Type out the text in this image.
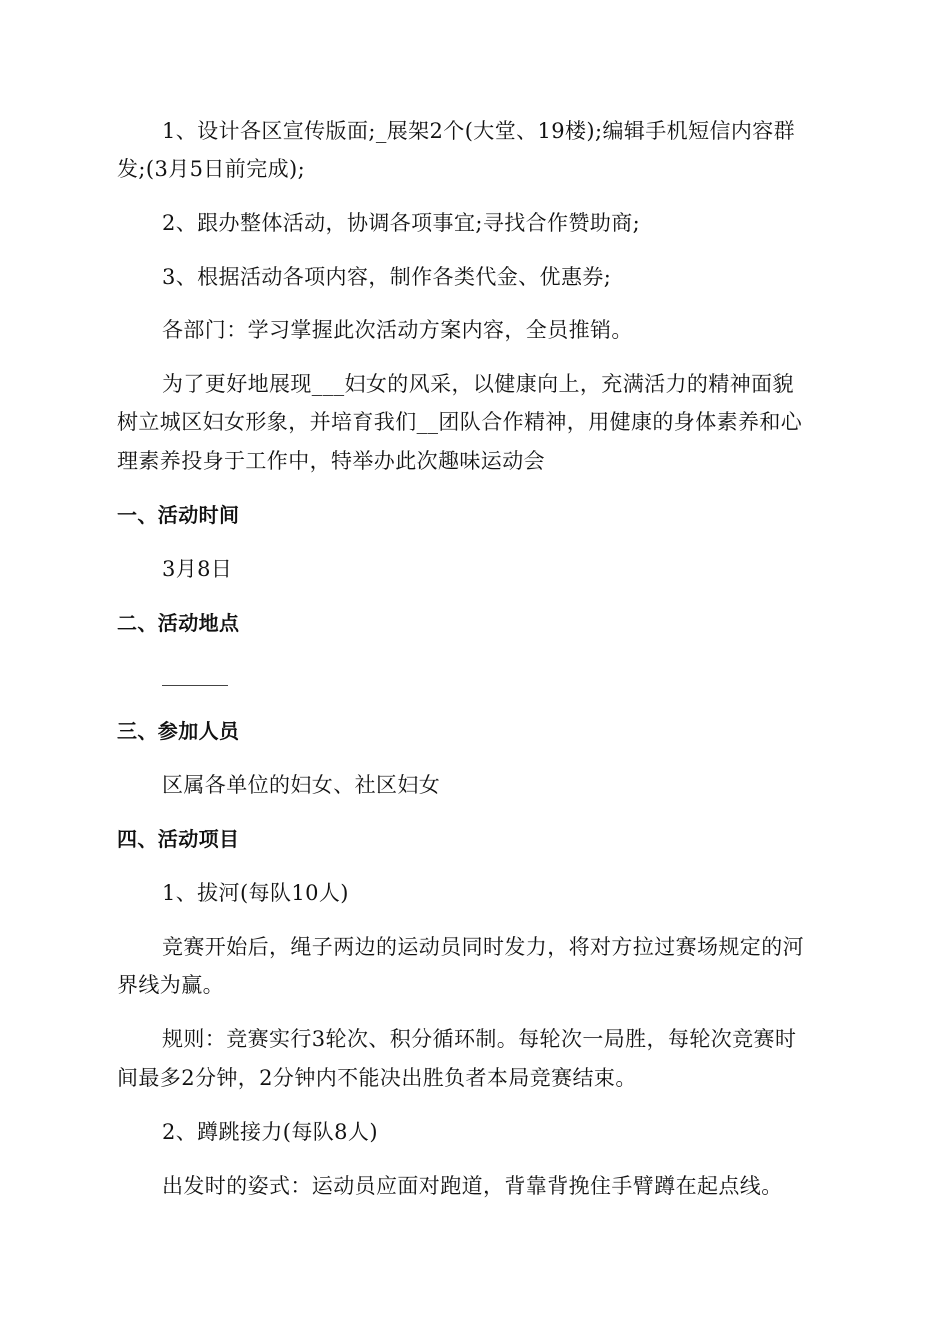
1、设计各区宣传版面;_展架2个(大堂、19楼);编辑手机短信内容群
发;(3月5日前完成);
2、跟办整体活动，协调各项事宜;寻找合作赞助商;
3、根据活动各项内容，制作各类代金、优惠券;
各部门：学习掌握此次活动方案内容，全员推销。
为了更好地展现___妇女的风采，以健康向上，充满活力的精神面貌
树立城区妇女形象，并培育我们__团队合作精神，用健康的身体素养和心
理素养投身于工作中，特举办此次趣味运动会
一、活动时间
3月8日
二、活动地点
三、参加人员
区属各单位的妇女、社区妇女
四、活动项目
1、拔河(每队10人)
竞赛开始后，绳子两边的运动员同时发力，将对方拉过赛场规定的河
界线为赢。
规则：竞赛实行3轮次、积分循环制。每轮次一局胜，每轮次竞赛时
间最多2分钟，2分钟内不能决出胜负者本局竞赛结束。
2、蹲跳接力(每队8人)
出发时的姿式：运动员应面对跑道，背靠背挽住手臂蹲在起点线。
